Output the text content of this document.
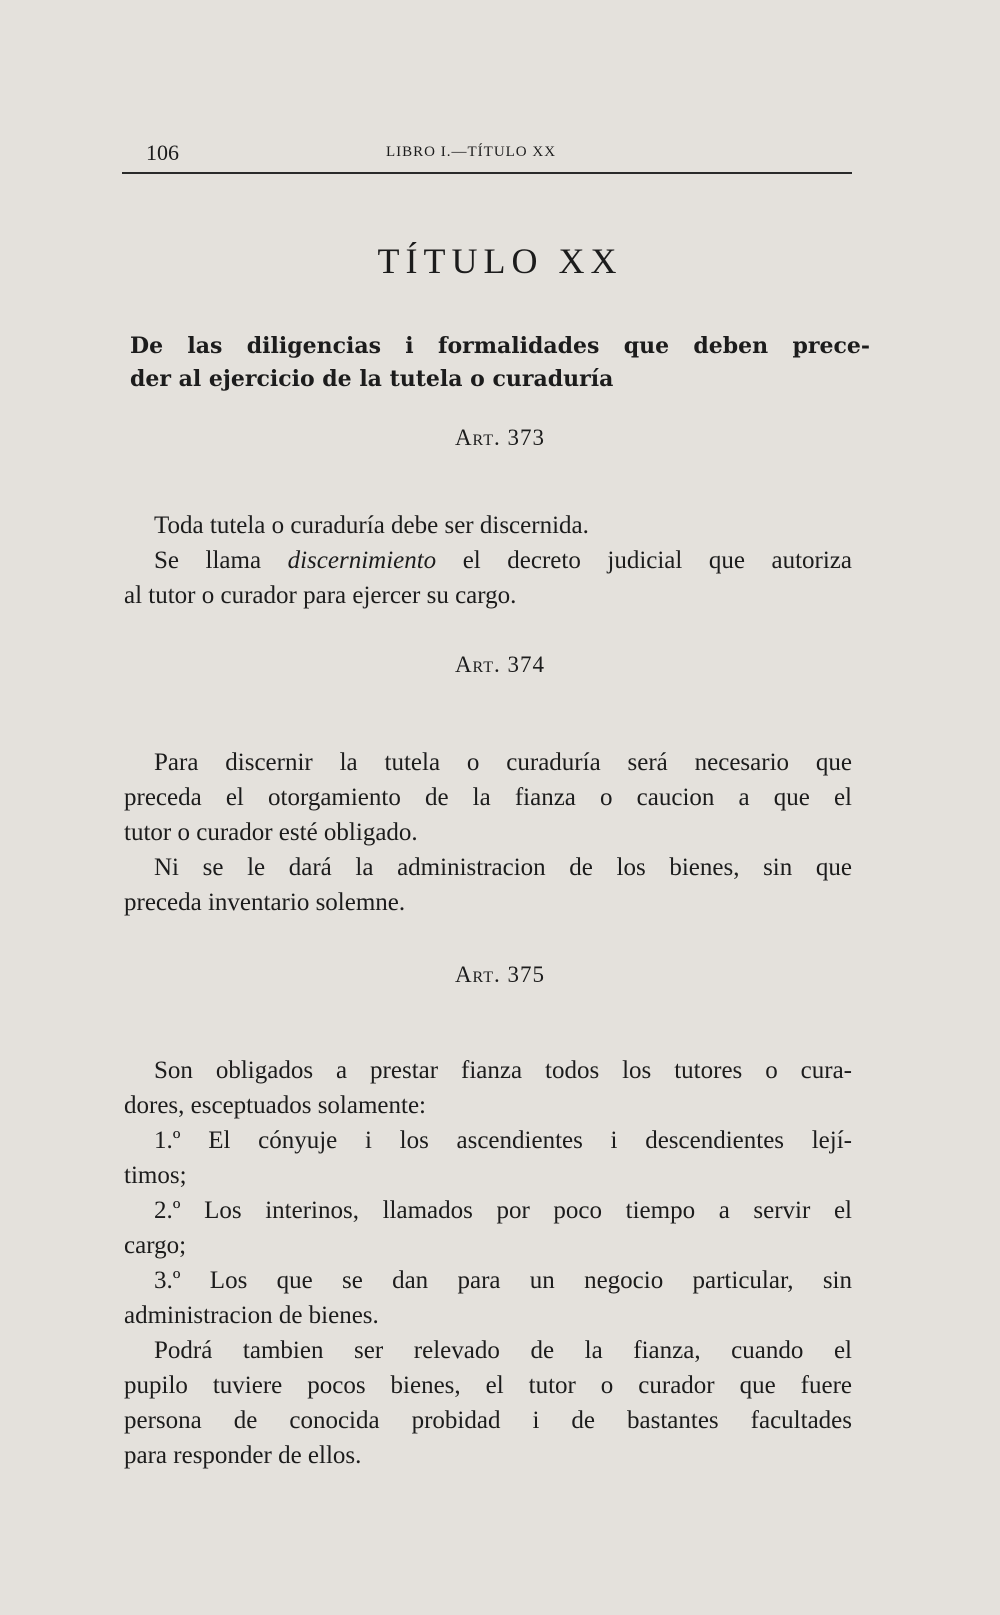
106	LIBRO I.—TÍTULO XX
TÍTULO XX
De las diligencias i formalidades que deben prece-
der al ejercicio de la tutela o curaduría
Art. 373
Toda tutela o curaduría debe ser discernida.
Se llama discernimiento el decreto judicial que autoriza
al tutor o curador para ejercer su cargo.
Art. 374
Para discernir la tutela o curaduría será necesario que
preceda el otorgamiento de la fianza o caucion a que el
tutor o curador esté obligado.
Ni se le dará la administracion de los bienes, sin que
preceda inventario solemne.
Art. 375
Son obligados a prestar fianza todos los tutores o cura-
dores, esceptuados solamente:
1.º El cónyuje i los ascendientes i descendientes lejí-
timos;
2.º Los interinos, llamados por poco tiempo a servir el
cargo;
3.º Los que se dan para un negocio particular, sin
administracion de bienes.
Podrá tambien ser relevado de la fianza, cuando el
pupilo tuviere pocos bienes, el tutor o curador que fuere
persona de conocida probidad i de bastantes facultades
para responder de ellos.
